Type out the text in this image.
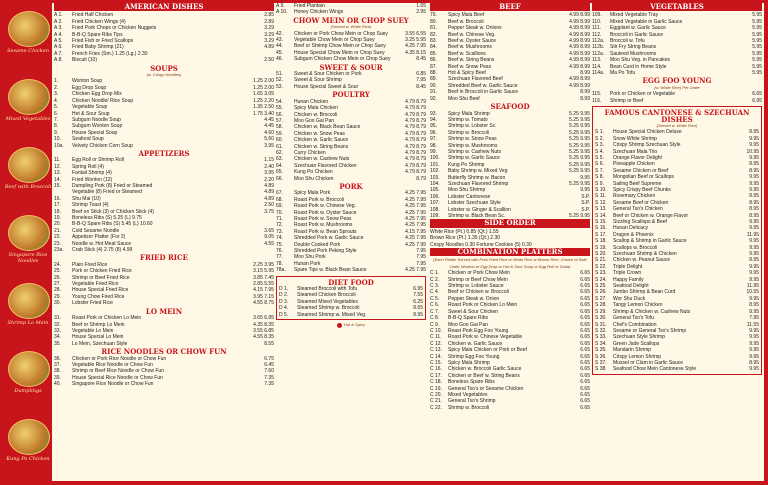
Sesame Chicken
Mixed Vegetables
Beef with Broccoli
Singapore Rice Noodles
Shrimp Lo Mein
Dumplings
Kung Po Chicken
AMERICAN DISHES
A 1.	Fried Half Chicken	2.85
A 2.	Fried Chicken Wings (4)	2.89
A 3.	Fried Pork Chops or Chicken Nuggets	3.29
A 4.	B-B-Q Spare Ribs Tips	3.29
A 5.	Fried Fish or Fried Scallops	3.29
A 6.	Fried Baby Shrimp (21)	4.89
A 7.	French Fries (Sm.) 1.25 (Lg.) 2.30
A 8.	Biscuit (10)	2.50
SOUPS
(w. Crispy Noodles)
1.	Wonton Soup	1.25 2.00
2.	Egg Drop Soup	1.25 2.00
3.	Chicken Egg Drop Mix	1.65 3.05
4.	Chicken Noodle/ Rice Soup	1.25 2.20
5.	Vegetable Soup	1.35 2.50
6.	Hot & Sour Soup	1.75 3.40
7.	Subgum Noodle Soup	4.45
8.	Subgum Wonton Soup	4.45
9.	House Special Soup	4.60
10.	Seafood Soup	5.60
10a.	Velvety Chicken Corn Soup	3.95
APPETIZERS
11.	Egg Roll or Shrimp Roll	1.15
12.	Spring Roll (4)	2.40
13.	Fantail Shrimp (4)	3.95
14.	Fried Wonton (12)	2.20
15.	Dumpling Pork (8) Fried or Steamed	4.89
Vegetable (8) Fried or Steamed	4.89
16.	Shu Mai (10)	4.89
17.	Shrimp Toast (4)	2.50
18.	Beef on Stick (3) or Chicken Stick (4)	3.75
19.	Boneless Ribs (S) 5.25 (L) 9.75
20.	B-B-Q Spare Ribs (S) 5.45 (L) 10.60
21.	Cold Sesame Noodle	3.65
22.	Appetizer Platter (For 2)	9.05
23.	Noodle w. Hot Meat Sauce	4.55
23a.	Crab Stick (4) 2.75 (8) 4.99
FRIED RICE
24.	Plain Fried Rice	2.25 3.95
25.	Pork or Chicken Fried Rice	3.15 5.95
26.	Shrimp or Beef Fried Rice	3.85 7.45
27.	Vegetable Fried Rice	2.85 5.55
28.	House Special Fried Rice	4.15 7.95
29.	Young Chow Fried Rice	3.95 7.15
30.	Lobster Fried Rice	4.55 8.75
LO MEIN
31.	Roast Pork or Chicken Lo Mein	3.65 6.95
32.	Beef or Shrimp Lo Mein	4.35 8.35
33.	Vegetable Lo Mein	3.55 6.85
34.	House Special Lo Mein	4.55 8.35
35.	Lo Mein, Szechuan Style	8.55
RICE NOODLES OR CHOW FUN
36.	Chicken or Pork Rice Noodle or Chow Fun	6.75
37.	Vegetable Rice Noodle or Chow Fun	6.45
38.	Shrimp or Beef Rice Noodle or Chow Fun	7.60
39.	House Special Rice Noodle or Chow Fun	7.35
40.	Singapore Rice Noodle or Chow Fun	7.35
A 9.	Fried Plantain	1.65
A 10.	Honey Chicken Wings	2.95
CHOW MEIN OR CHOP SUEY
(Served w. White Rice)
42.	Chicken or Pork Chow Mein or Chop Suey	3.55 6.55
43.	Vegetable Chow Mein or Chop Suey	3.25 5.95
44.	Beef or Shrimp Chow Mein or Chop Suey	4.25 7.95
45.	House Special Chow Mein or Chop Suey	4.35 8.15
46.	Subgum Chicken Chow Mein or Chop Suey	8.45
SWEET & SOUR
51.	Sweet & Sour Chicken or Pork	6.85
52.	Sweet & Sour Shrimp	7.95
53.	House Special Sweet & Sour	8.45
POULTRY
54.	Hunan Chicken	4.79 8.79
55.	Spicy Mala Chicken	4.79 8.79
56.	Chicken w. Broccoli	4.79 8.79
57.	Moo Goo Gai Pan	4.79 8.79
58.	Chicken w. Black Bean Sauce	4.79 8.79
59.	Chicken w. Snow Peas	4.79 8.79
60.	Chicken w. Garlic Sauce	4.79 8.79
61.	Chicken w. String Beans	4.79 8.79
62.	Curry Chicken	4.79 8.79
63.	Chicken w. Cashew Nuts	4.79 8.79
64.	Szechuan Flavored Chicken	4.79 8.79
65.	Kung Po Chicken	4.79 8.79
66.	Moo Shu Chicken	8.79
PORK
67.	Spicy Mala Pork	4.25 7.95
68.	Roast Pork w. Broccoli	4.25 7.95
69.	Roast Pork w. Chinese Veg.	4.25 7.95
70.	Roast Pork w. Oyster Sauce	4.25 7.95
71.	Roast Pork w. Snow Peas	4.25 7.95
72.	Roast Pork w. Mushrooms	4.25 7.95
73.	Roast Pork w. Bean Sprouts	4.15 7.95
74.	Shredded Pork w. Garlic Sauce	4.25 7.95
75.	Double Cooked Pork	4.25 7.95
76.	Shredded Pork Peking Style	7.95
77.	Moo Shu Pork	7.95
78.	Hunan Pork	7.95
78a.	Spare Tips w. Black Bean Sauce	4.25 7.95
DIET FOOD
D 1.	Steamed Broccoli with Tofu	6.95
D 2.	Steamed Chicken Broccoli	7.55
D 3.	Steamed Mixed Vegetables	6.25
D 4.	Steamed Shrimp w. Broccoli	8.65
D 5.	Steamed Shrimp w. Mixed Veg.	8.95
Hot & Spicy
BEEF
79.	Spicy Mala Beef	4.99 8.99
80.	Beef w. Broccoli	4.99 8.99
81.	Pepper Steak w. Onions	4.99 8.99
82.	Beef w. Chinese Veg.	4.99 8.99
83.	Beef w. Oyster Sauce	4.99 8.99
84.	Beef w. Mushrooms	4.99 8.99
85.	Beef w. Scallions	4.99 8.99
86.	Beef w. String Beans	4.99 8.99
87.	Beef w. Snow Peas	4.99 8.99
88.	Hot & Spicy Beef	8.99
89.	Szechuan Flavored Beef	4.99 8.99
90.	Shredded Beef w. Garlic Sauce	4.99 8.99
91.	Beef in Broccoli in Garlic Sauce	8.99
92.	Moo Shu Beef	8.99
SEAFOOD
93.	Spicy Mala Shrimp	5.25 9.95
94.	Shrimp w. Tomato	5.25 9.95
95.	Shrimp w. Lobster Sc.	5.25 9.95
96.	Shrimp w. Broccoli	5.25 9.95
97.	Shrimp w. Snow Peas	5.25 9.95
98.	Shrimp w. Mushrooms	5.25 9.95
99.	Shrimp w. Cashew Nuts	5.25 9.95
100.	Shrimp w. Garlic Sauce	5.25 9.95
101.	Kung Po Shrimp	5.25 9.95
102.	Baby Shrimp w. Mixed Veg	5.25 9.95
103.	Butterfly Shrimp w. Bacon	9.95
104.	Szechuan Flavored Shrimp	5.25 9.95
105.	Moo Shu Shrimp	9.95
106.	Lobster Cantonese	S.P.
107.	Lobster Szechuan Style	S.P.
108.	Lobster w. Ginger & Scallion	S.P.
109.	Shrimp w. Black Bean Sc.	5.25 9.95
SIDE ORDER
White Rice (Pt.) 0.85 (Qt.) 1.55
Brown Rice (Pt.) 1.35 (Qt.) 2.30
Crispy Noodles 0.30 Fortune Cookies (5) 0.30
COMBINATION PLATTERS
(Each Platter Served with Pork Fried Rice or White Rice or Brown Rice; Choice of Side Order Wonton or Egg Drop or Hot & Sour Soup or Egg Roll or Soda)
C 1.	Chicken or Pork Chow Mein	6.65
C 2.	Shrimp or Beef Chow Mein	6.65
C 3.	Shrimp w. Lobster Sauce	6.65
C 4.	Beef or Chicken w. Broccoli	6.65
C 5.	Pepper Steak w. Onion	6.65
C 6.	Roast Pork or Chicken Lo Mein	6.65
C 7.	Sweet & Sour Chicken	6.65
C 8.	B-B-Q Spare Ribs	6.65
C 9.	Moo Goo Gai Pan	6.65
C 10.	Roast Pork Egg Foo Young	6.65
C 11.	Roast Pork w. Chinese Vegetable	6.65
C 12.	Chicken w. Garlic Sauce	6.65
C 13.	Spicy Mala Chicken or Pork or Beef	6.65
C 14.	Shrimp Egg Foo Young	6.65
C 15.	Spicy Mala Shrimp	6.65
C 16.	Chicken w. Broccoli Garlic Sauce	6.65
C 17.	Chicken or Beef w. String Beans	6.65
C 18.	Boneless Spare Ribs	6.65
C 19.	General Tso's or Sesame Chicken	6.65
C 20.	Mixed Vegetables	6.65
C 21.	General Tso's Shrimp	6.65
C 22.	Shrimp w. Broccoli	6.65
VEGETABLES
109.	Mixed Vegetable Tray	5.95
110.	Mixed Vegetable in Garlic Sauce	5.95
111.	Eggplant w. Garlic Sauce	5.95
112.	Broccoli in Garlic Sauce	5.95
112a.	Broccoli w. Tofu	5.95
112b.	Stir Fry String Beans	5.95
112a.	Sauteed Mushrooms	5.95
113.	Moo Shu Veg. in Pancakes	5.95
114.	Bean Curd in Home Style	5.95
114a.	Ma Po Tofu	5.95
EGG FOO YOUNG
(w. White Rice) Per Order
115.	Pork or Chicken or Vegetable	6.65
116.	Shrimp or Beef	6.95
FAMOUS CANTONESE & SZECHUAN DISHES
(Served w. White Rice)
S 1.	House Special Chicken Deluxe	8.95
S 2.	Snow White Shrimp	9.95
S 3.	Crispy Shrimp Szechuan Style	9.95
S 4.	Szechuan Mala Trio	10.95
S 5.	Orange Flavor Delight	9.95
S 6.	Pineapple Chicken	8.95
S 7.	Sesame Chicken or Beef	8.95
S 8.	Mongolian Beef or Scallops	9.95
S 9.	Sailing Beef Supreme	9.95
S 10.	Spicy Crispy Beef Chunks	9.95
S 11.	Rosemary Chicken	8.95
S 12.	Sesame Beef or Chicken	8.95
S 13.	General Tso's Chicken	8.95
S 14.	Beef or Chicken w. Orange Flavor	8.95
S 15.	Sizzling Scallops & Beef	9.95
S 16.	Hunan Delicacy	9.95
S 17.	Dragon & Phoenix	11.95
S 18.	Scallop & Shrimp in Garlic Sauce	9.95
S 19.	Scallops w. Broccoli	9.95
S 20.	Szechuan Shrimp & Chicken	9.95
S 21.	Chicken w. Peanut Sauce	8.95
S 22.	Triple Delight	9.95
S 23.	Triple Crown	9.95
S 24.	Happy Family	9.95
S 25.	Seafood Delight	11.95
S 26.	Jumbo Shrimp & Bean Curd	10.55
S 27.	Wor Shu Duck	9.95
S 28.	Tangy Lemon Chicken	8.95
S 29.	Shrimp & Chicken w. Cashew Nuts	9.95
S 30.	General Tso's Tofu	7.95
S 31.	Chef's Combination	11.55
S 32.	Sesame or General Tso's Shrimp	9.95
S 33.	Szechuan Style Shrimp	9.95
S 34.	Green Jade Scallops	9.95
S 35.	Mandarin Shrimp	9.95
S 36.	Crispy Lemon Shrimp	9.95
S 37.	Mussel or Clam in Garlic Sauce	8.95
S 38.	Seafood Chow Mein Cantonese Style	9.95
